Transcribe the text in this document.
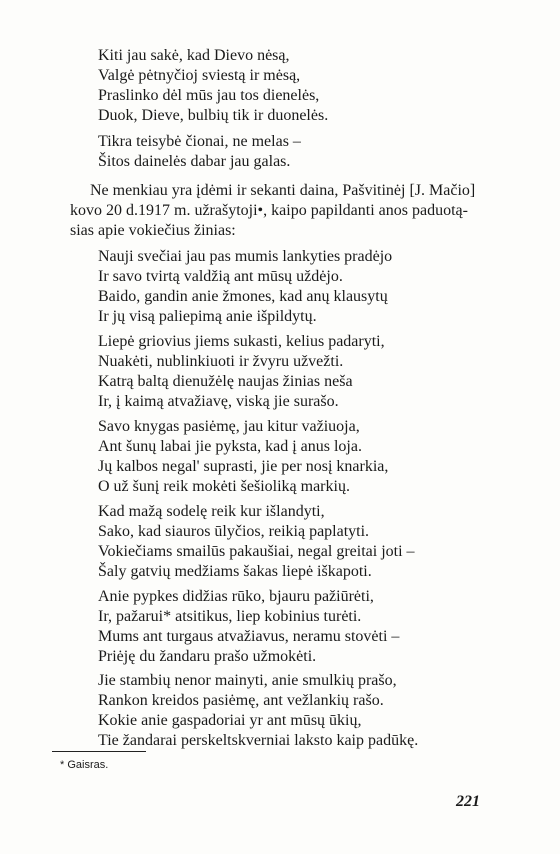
Kiti jau sakė, kad Dievo nėsą,
Valgė pėtnyčioj sviestą ir mėsą,
Praslinko dėl mūs jau tos dienelės,
Duok, Dieve, bulbių tik ir duonelės.
Tikra teisybė čionai, ne melas –
Šitos dainelės dabar jau galas.
Ne menkiau yra įdėmi ir sekanti daina, Pašvitinėj [J. Mačio]
kovo 20 d.1917 m. užrašytoji•, kaipo papildanti anos paduotą-
sias apie vokiečius žinias:
Nauji svečiai jau pas mumis lankyties pradėjo
Ir savo tvirtą valdžią ant mūsų uždėjo.
Baido, gandin anie žmones, kad anų klausytų
Ir jų visą paliepimą anie išpildytų.
Liepė griovius jiems sukasti, kelius padaryti,
Nuakėti, nublinkiuoti ir žvyru užvežti.
Katrą baltą dienužėlę naujas žinias neša
Ir, į kaimą atvažiavę, viską jie surašo.
Savo knygas pasiėmę, jau kitur važiuoja,
Ant šunų labai jie pyksta, kad į anus loja.
Jų kalbos negal' suprasti, jie per nosį knarkia,
O už šunį reik mokėti šešioliką markių.
Kad mažą sodelę reik kur išlandyti,
Sako, kad siauros ūlyčios, reikią paplatyti.
Vokiečiams smailūs pakaušiai, negal greitai joti –
Šaly gatvių medžiams šakas liepė iškapoti.
Anie pypkes didžias rūko, bjauru pažiūrėti,
Ir, pažarui* atsitikus, liep kobinius turėti.
Mums ant turgaus atvažiavus, neramu stovėti –
Priėję du žandaru prašo užmokėti.
Jie stambių nenor mainyti, anie smulkių prašo,
Rankon kreidos pasiėmę, ant vežlankių rašo.
Kokie anie gaspadoriai yr ant mūsų ūkių,
Tie žandarai perskeltskverniai laksto kaip padūkę.
* Gaisras.
221
